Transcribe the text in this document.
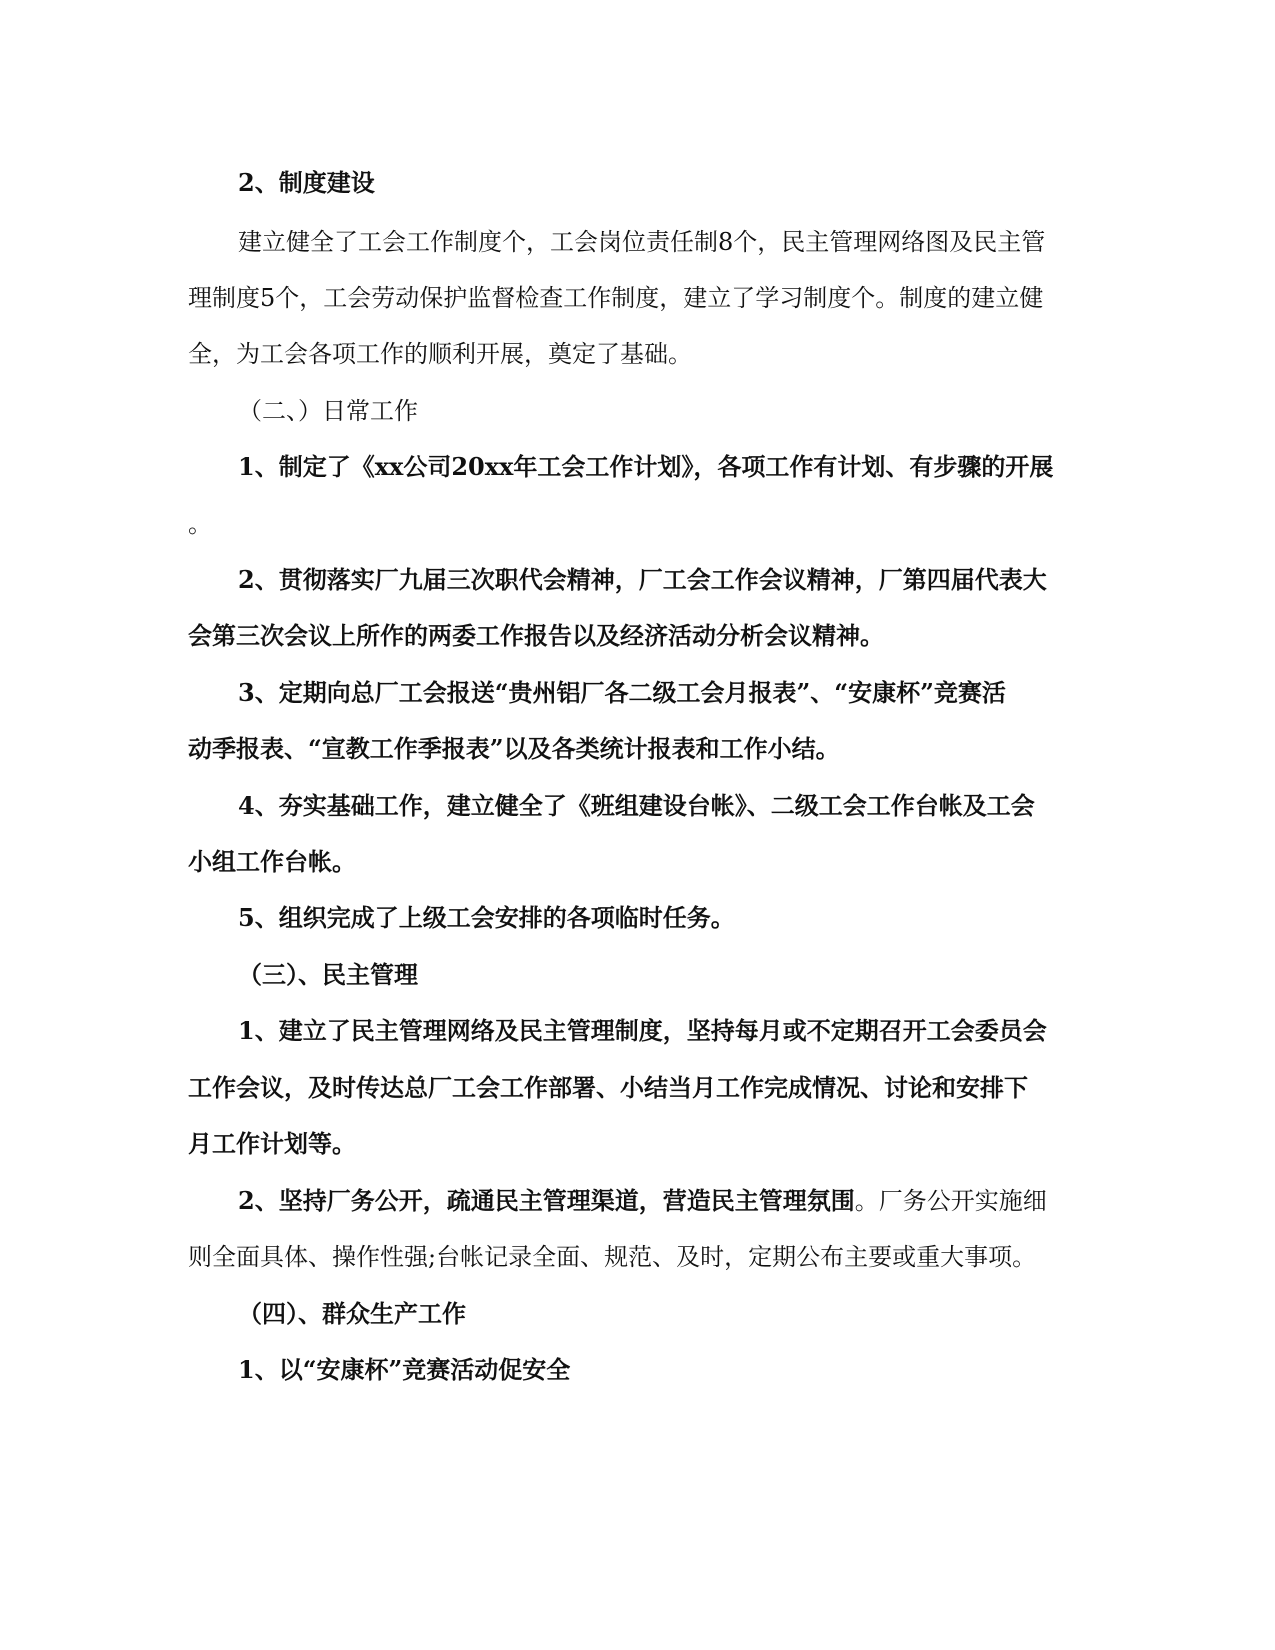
2、制度建设
建立健全了工会工作制度个，工会岗位责任制8个，民主管理网络图及民主管
理制度5个，工会劳动保护监督检查工作制度，建立了学习制度个。制度的建立健
全，为工会各项工作的顺利开展，奠定了基础。
（二、）日常工作
1、制定了《xx公司20xx年工会工作计划》，各项工作有计划、有步骤的开展
。
2、贯彻落实厂九届三次职代会精神，厂工会工作会议精神，厂第四届代表大
会第三次会议上所作的两委工作报告以及经济活动分析会议精神。
3、定期向总厂工会报送“贵州铝厂各二级工会月报表”、“安康杯”竞赛活
动季报表、“宣教工作季报表”以及各类统计报表和工作小结。
4、夯实基础工作，建立健全了《班组建设台帐》、二级工会工作台帐及工会
小组工作台帐。
5、组织完成了上级工会安排的各项临时任务。
（三）、民主管理
1、建立了民主管理网络及民主管理制度，坚持每月或不定期召开工会委员会
工作会议，及时传达总厂工会工作部署、小结当月工作完成情况、讨论和安排下
月工作计划等。
2、坚持厂务公开，疏通民主管理渠道，营造民主管理氛围。厂务公开实施细
则全面具体、操作性强;台帐记录全面、规范、及时，定期公布主要或重大事项。
（四）、群众生产工作
1、以“安康杯”竞赛活动促安全
